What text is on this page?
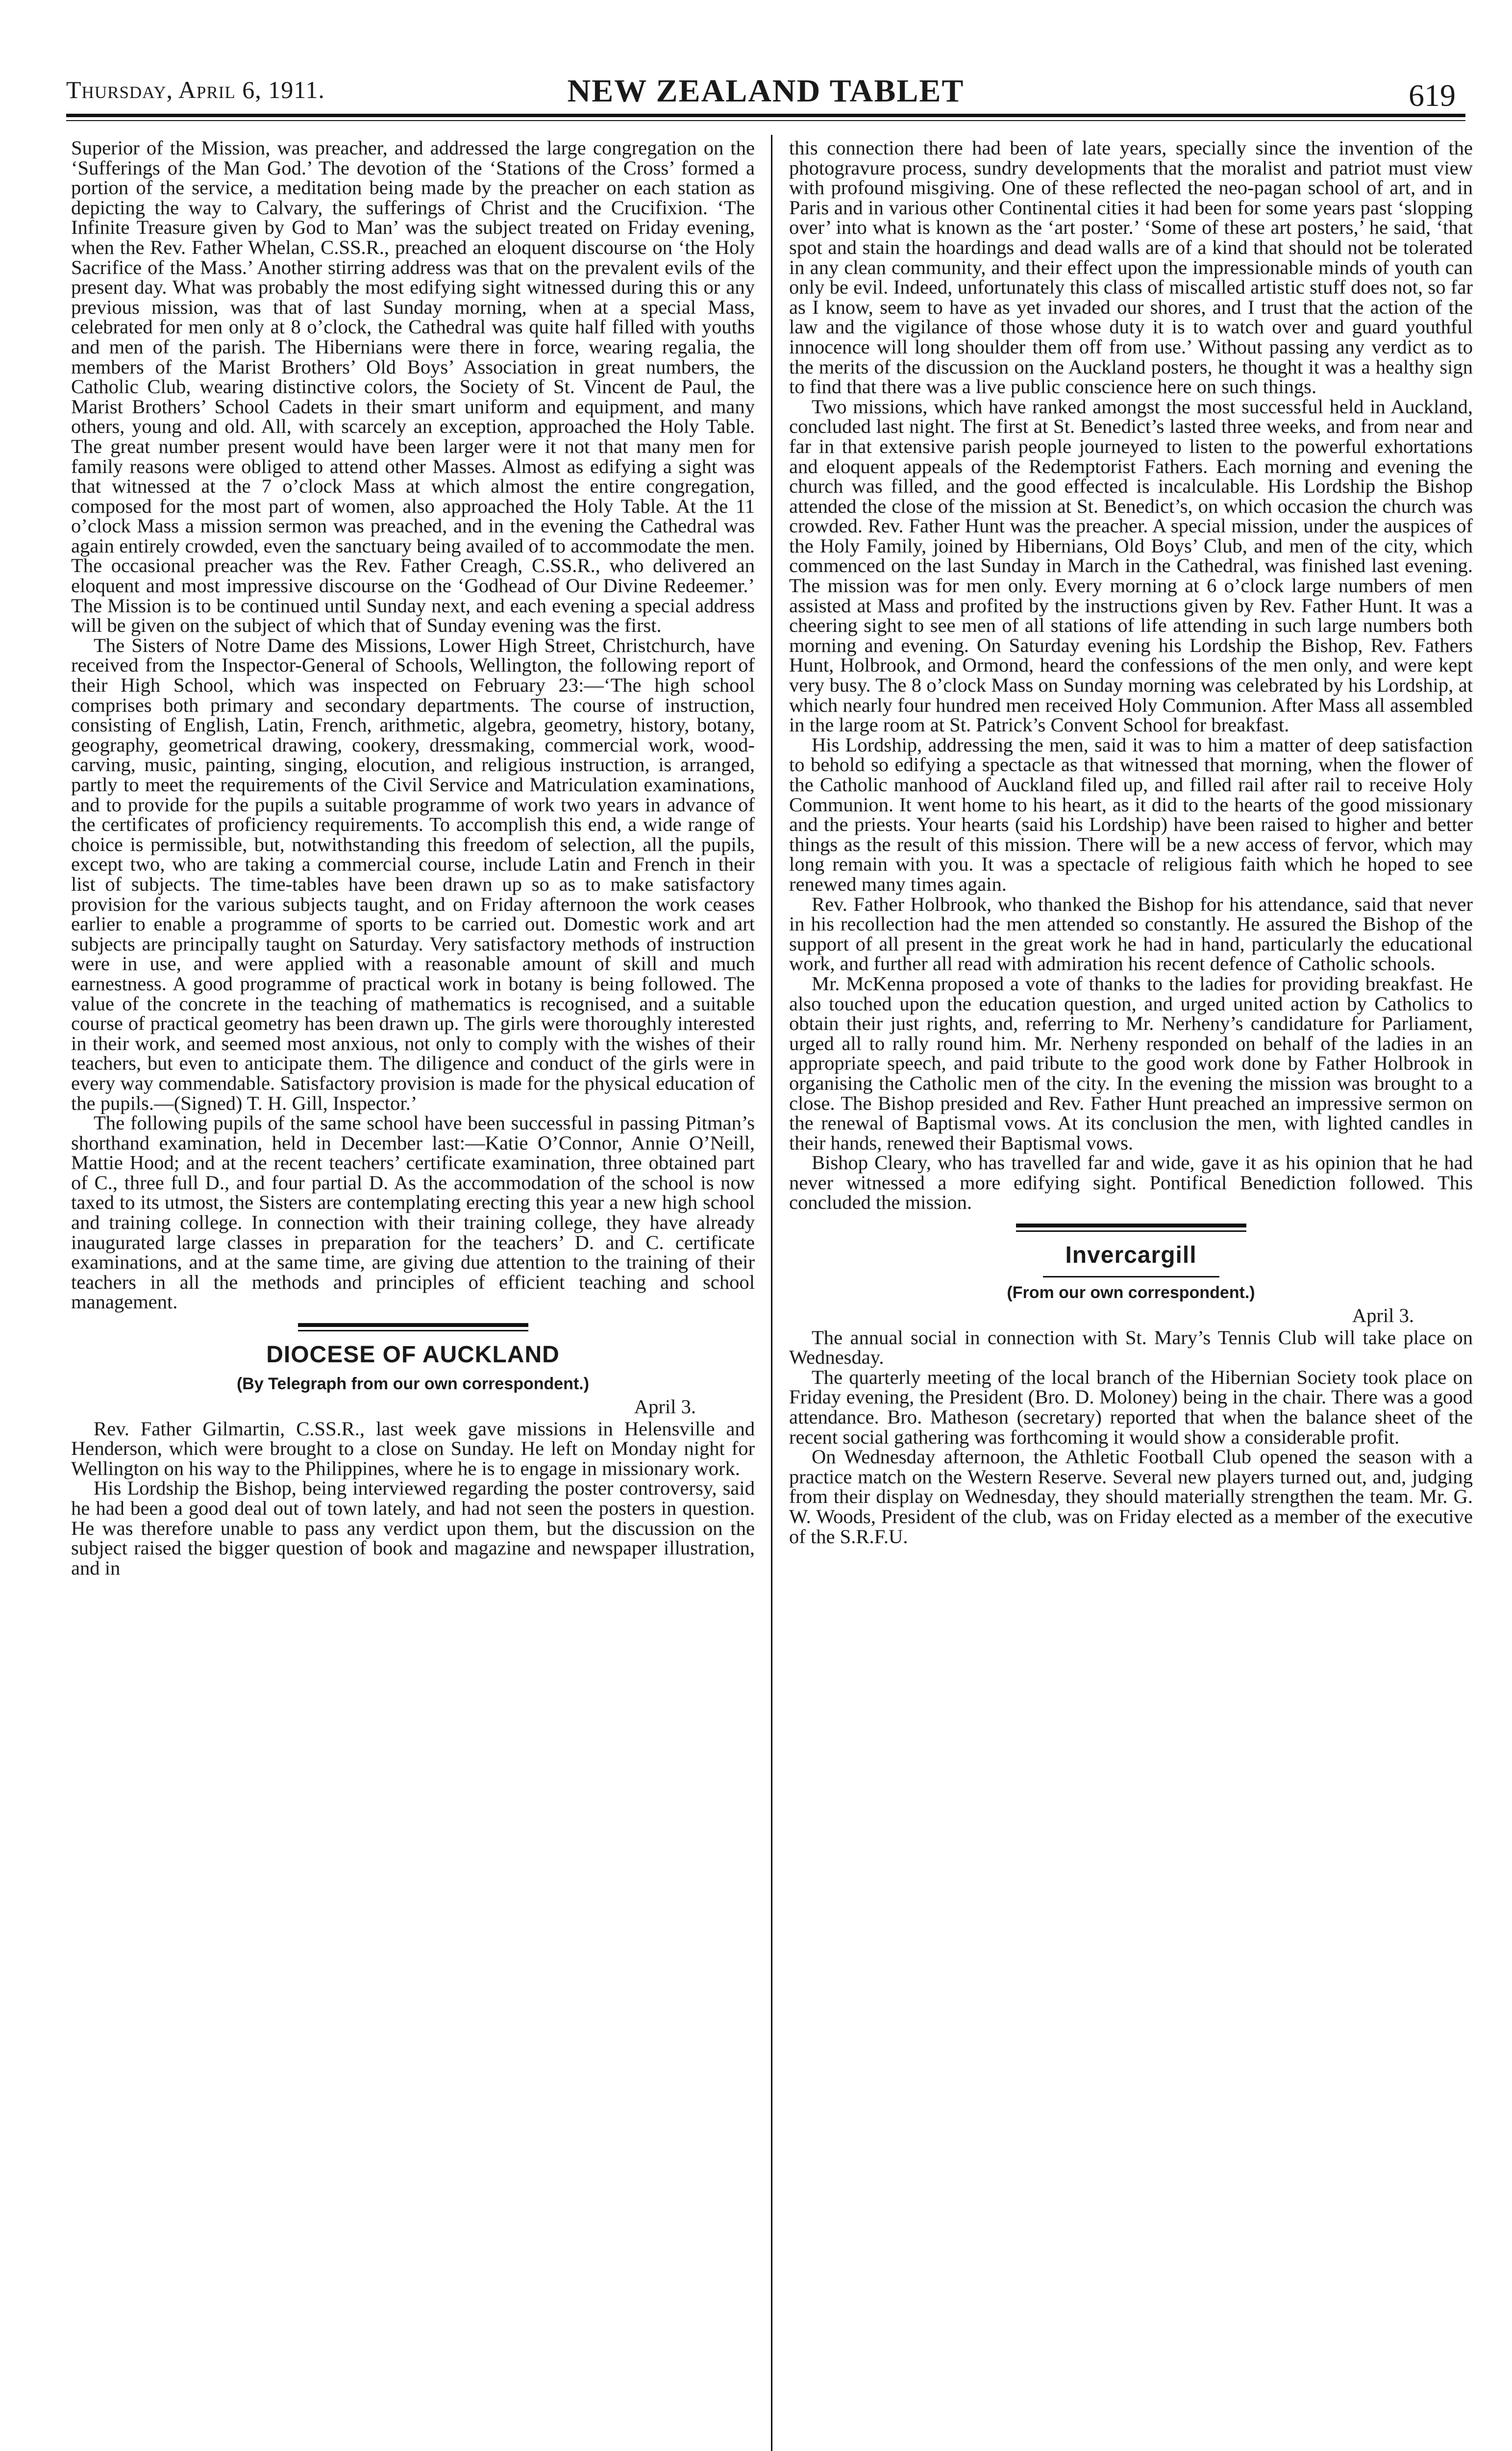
Thursday, April 6, 1911.	NEW ZEALAND TABLET	619

Superior of the Mission, was preacher, and addressed the large congregation on the ‘Sufferings of the Man God.’ The devotion of the ‘Stations of the Cross’ formed a portion of the service, a meditation being made by the preacher on each station as depicting the way to Calvary, the sufferings of Christ and the Crucifixion. ‘The Infinite Treasure given by God to Man’ was the subject treated on Friday evening, when the Rev. Father Whelan, C.SS.R., preached an eloquent discourse on ‘the Holy Sacrifice of the Mass.’ Another stirring address was that on the prevalent evils of the present day. What was probably the most edifying sight witnessed during this or any previous mission, was that of last Sunday morning, when at a special Mass, celebrated for men only at 8 o’clock, the Cathedral was quite half filled with youths and men of the parish. The Hibernians were there in force, wearing regalia, the members of the Marist Brothers’ Old Boys’ Association in great numbers, the Catholic Club, wearing distinctive colors, the Society of St. Vincent de Paul, the Marist Brothers’ School Cadets in their smart uniform and equipment, and many others, young and old. All, with scarcely an exception, approached the Holy Table. The great number present would have been larger were it not that many men for family reasons were obliged to attend other Masses. Almost as edifying a sight was that witnessed at the 7 o’clock Mass at which almost the entire congregation, composed for the most part of women, also approached the Holy Table. At the 11 o’clock Mass a mission sermon was preached, and in the evening the Cathedral was again entirely crowded, even the sanctuary being availed of to accommodate the men. The occasional preacher was the Rev. Father Creagh, C.SS.R., who delivered an eloquent and most impressive discourse on the ‘Godhead of Our Divine Redeemer.’ The Mission is to be continued until Sunday next, and each evening a special address will be given on the subject of which that of Sunday evening was the first.

The Sisters of Notre Dame des Missions, Lower High Street, Christchurch, have received from the Inspector-General of Schools, Wellington, the following report of their High School, which was inspected on February 23:—‘The high school comprises both primary and secondary departments. The course of instruction, consisting of English, Latin, French, arithmetic, algebra, geometry, history, botany, geography, geometrical drawing, cookery, dressmaking, commercial work, wood-carving, music, painting, singing, elocution, and religious instruction, is arranged, partly to meet the requirements of the Civil Service and Matriculation examinations, and to provide for the pupils a suitable programme of work two years in advance of the certificates of proficiency requirements. To accomplish this end, a wide range of choice is permissible, but, notwithstanding this freedom of selection, all the pupils, except two, who are taking a commercial course, include Latin and French in their list of subjects. The time-tables have been drawn up so as to make satisfactory provision for the various subjects taught, and on Friday afternoon the work ceases earlier to enable a programme of sports to be carried out. Domestic work and art subjects are principally taught on Saturday. Very satisfactory methods of instruction were in use, and were applied with a reasonable amount of skill and much earnestness. A good programme of practical work in botany is being followed. The value of the concrete in the teaching of mathematics is recognised, and a suitable course of practical geometry has been drawn up. The girls were thoroughly interested in their work, and seemed most anxious, not only to comply with the wishes of their teachers, but even to anticipate them. The diligence and conduct of the girls were in every way commendable. Satisfactory provision is made for the physical education of the pupils.—(Signed) T. H. Gill, Inspector.’

The following pupils of the same school have been successful in passing Pitman’s shorthand examination, held in December last:—Katie O’Connor, Annie O’Neill, Mattie Hood; and at the recent teachers’ certificate examination, three obtained part of C., three full D., and four partial D. As the accommodation of the school is now taxed to its utmost, the Sisters are contemplating erecting this year a new high school and training college. In connection with their training college, they have already inaugurated large classes in preparation for the teachers’ D. and C. certificate examinations, and at the same time, are giving due attention to the training of their teachers in all the methods and principles of efficient teaching and school management.

DIOCESE OF AUCKLAND
(By Telegraph from our own correspondent.)
April 3.

Rev. Father Gilmartin, C.SS.R., last week gave missions in Helensville and Henderson, which were brought to a close on Sunday. He left on Monday night for Wellington on his way to the Philippines, where he is to engage in missionary work.

His Lordship the Bishop, being interviewed regarding the poster controversy, said he had been a good deal out of town lately, and had not seen the posters in question. He was therefore unable to pass any verdict upon them, but the discussion on the subject raised the bigger question of book and magazine and newspaper illustration, and in

this connection there had been of late years, specially since the invention of the photogravure process, sundry developments that the moralist and patriot must view with profound misgiving. One of these reflected the neo-pagan school of art, and in Paris and in various other Continental cities it had been for some years past ‘slopping over’ into what is known as the ‘art poster.’ ‘Some of these art posters,’ he said, ‘that spot and stain the hoardings and dead walls are of a kind that should not be tolerated in any clean community, and their effect upon the impressionable minds of youth can only be evil. Indeed, unfortunately this class of miscalled artistic stuff does not, so far as I know, seem to have as yet invaded our shores, and I trust that the action of the law and the vigilance of those whose duty it is to watch over and guard youthful innocence will long shoulder them off from use.’ Without passing any verdict as to the merits of the discussion on the Auckland posters, he thought it was a healthy sign to find that there was a live public conscience here on such things.

Two missions, which have ranked amongst the most successful held in Auckland, concluded last night. The first at St. Benedict’s lasted three weeks, and from near and far in that extensive parish people journeyed to listen to the powerful exhortations and eloquent appeals of the Redemptorist Fathers. Each morning and evening the church was filled, and the good effected is incalculable. His Lordship the Bishop attended the close of the mission at St. Benedict’s, on which occasion the church was crowded. Rev. Father Hunt was the preacher. A special mission, under the auspices of the Holy Family, joined by Hibernians, Old Boys’ Club, and men of the city, which commenced on the last Sunday in March in the Cathedral, was finished last evening. The mission was for men only. Every morning at 6 o’clock large numbers of men assisted at Mass and profited by the instructions given by Rev. Father Hunt. It was a cheering sight to see men of all stations of life attending in such large numbers both morning and evening. On Saturday evening his Lordship the Bishop, Rev. Fathers Hunt, Holbrook, and Ormond, heard the confessions of the men only, and were kept very busy. The 8 o’clock Mass on Sunday morning was celebrated by his Lordship, at which nearly four hundred men received Holy Communion. After Mass all assembled in the large room at St. Patrick’s Convent School for breakfast.

His Lordship, addressing the men, said it was to him a matter of deep satisfaction to behold so edifying a spectacle as that witnessed that morning, when the flower of the Catholic manhood of Auckland filed up, and filled rail after rail to receive Holy Communion. It went home to his heart, as it did to the hearts of the good missionary and the priests. Your hearts (said his Lordship) have been raised to higher and better things as the result of this mission. There will be a new access of fervor, which may long remain with you. It was a spectacle of religious faith which he hoped to see renewed many times again.

Rev. Father Holbrook, who thanked the Bishop for his attendance, said that never in his recollection had the men attended so constantly. He assured the Bishop of the support of all present in the great work he had in hand, particularly the educational work, and further all read with admiration his recent defence of Catholic schools.

Mr. McKenna proposed a vote of thanks to the ladies for providing breakfast. He also touched upon the education question, and urged united action by Catholics to obtain their just rights, and, referring to Mr. Nerheny’s candidature for Parliament, urged all to rally round him. Mr. Nerheny responded on behalf of the ladies in an appropriate speech, and paid tribute to the good work done by Father Holbrook in organising the Catholic men of the city. In the evening the mission was brought to a close. The Bishop presided and Rev. Father Hunt preached an impressive sermon on the renewal of Baptismal vows. At its conclusion the men, with lighted candles in their hands, renewed their Baptismal vows.

Bishop Cleary, who has travelled far and wide, gave it as his opinion that he had never witnessed a more edifying sight. Pontifical Benediction followed. This concluded the mission.

Invercargill
(From our own correspondent.)
April 3.

The annual social in connection with St. Mary’s Tennis Club will take place on Wednesday.

The quarterly meeting of the local branch of the Hibernian Society took place on Friday evening, the President (Bro. D. Moloney) being in the chair. There was a good attendance. Bro. Matheson (secretary) reported that when the balance sheet of the recent social gathering was forthcoming it would show a considerable profit.

On Wednesday afternoon, the Athletic Football Club opened the season with a practice match on the Western Reserve. Several new players turned out, and, judging from their display on Wednesday, they should materially strengthen the team. Mr. G. W. Woods, President of the club, was on Friday elected as a member of the executive of the S.R.F.U.
